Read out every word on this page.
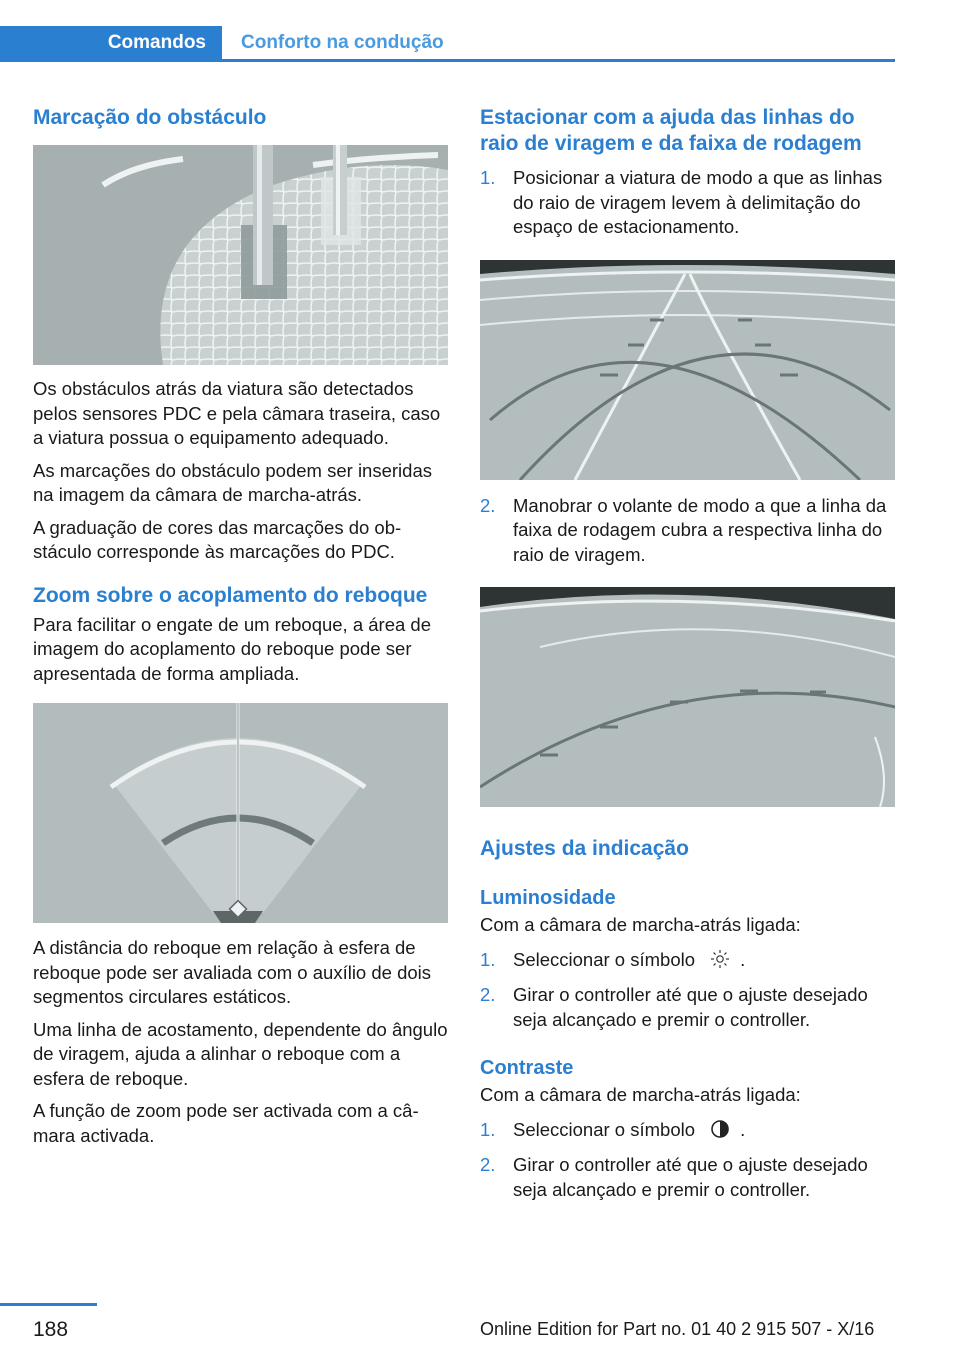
Comandos	Conforto na condução
Marcação do obstáculo

Os obstáculos atrás da viatura são detectados pelos sensores PDC e pela câmara traseira, caso a viatura possua o equipamento adequado.

As marcações do obstáculo podem ser inseridas na imagem da câmara de marcha-atrás.

A graduação de cores das marcações do obstáculo corresponde às marcações do PDC.

Zoom sobre o acoplamento do reboque

Para facilitar o engate de um reboque, a área de imagem do acoplamento do reboque pode ser apresentada de forma ampliada.

A distância do reboque em relação à esfera de reboque pode ser avaliada com o auxílio de dois segmentos circulares estáticos.

Uma linha de acostamento, dependente do ângulo de viragem, ajuda a alinhar o reboque com a esfera de reboque.

A função de zoom pode ser activada com a câmara activada.

Estacionar com a ajuda das linhas do raio de viragem e da faixa de rodagem
1. Posicionar a viatura de modo a que as linhas do raio de viragem levem à delimitação do espaço de estacionamento.
2. Manobrar o volante de modo a que a linha da faixa de rodagem cubra a respectiva linha do raio de viragem.
Ajustes da indicação
Luminosidade

Com a câmara de marcha-atrás ligada:

1. Seleccionar o símbolo .
2. Girar o controller até que o ajuste desejado seja alcançado e premir o controller.
Contraste

Com a câmara de marcha-atrás ligada:

1. Seleccionar o símbolo .
2. Girar o controller até que o ajuste desejado seja alcançado e premir o controller.
188	Online Edition for Part no. 01 40 2 915 507 - X/16
